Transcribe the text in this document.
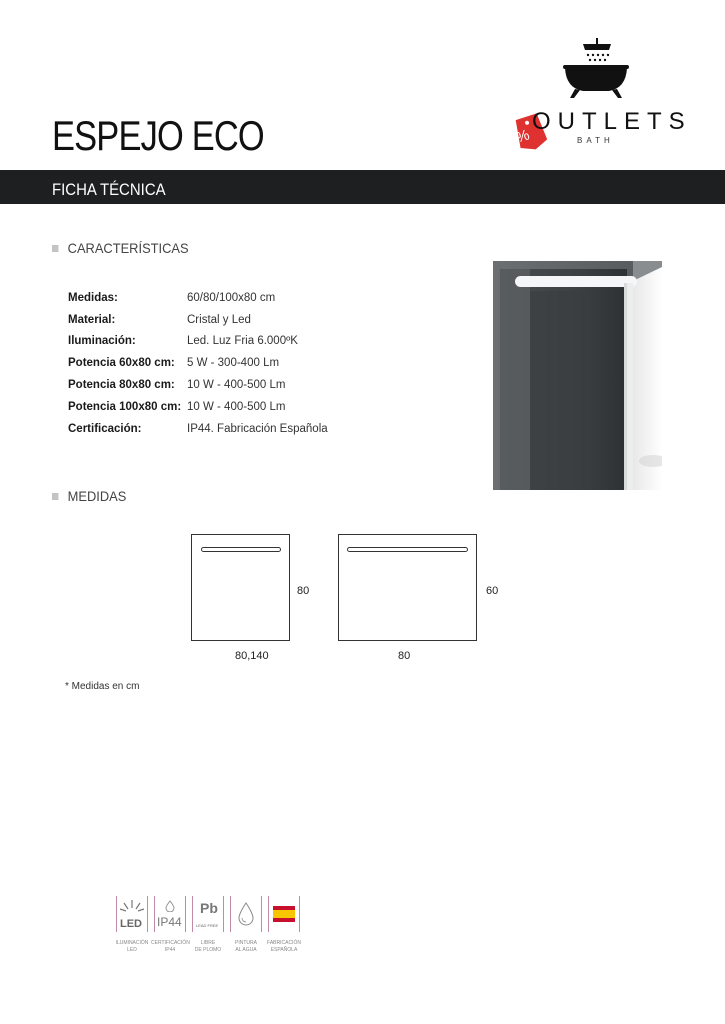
ESPEJO ECO	OUTLETS
BATH
%
FICHA TÉCNICA
CARACTERÍSTICAS
Medidas:	60/80/100x80 cm
Material:	Cristal y Led
Iluminación:	Led. Luz Fria 6.000ºK
Potencia 60x80 cm:	5 W - 300-400 Lm
Potencia 80x80 cm:	10 W - 400-500 Lm
Potencia 100x80 cm: 10 W - 400-500 Lm
Certificación:	IP44. Fabricación Española
MEDIDAS
80
80,140
60
80
* Medidas en cm
LED
ILUMINACIÓN
LED
IP44
CERTIFICACIÓN
IP44
Pb
LEAD FREE
LIBRE
DE PLOMO
PINTURA
AL AGUA
FABRICACIÓN
ESPAÑOLA
